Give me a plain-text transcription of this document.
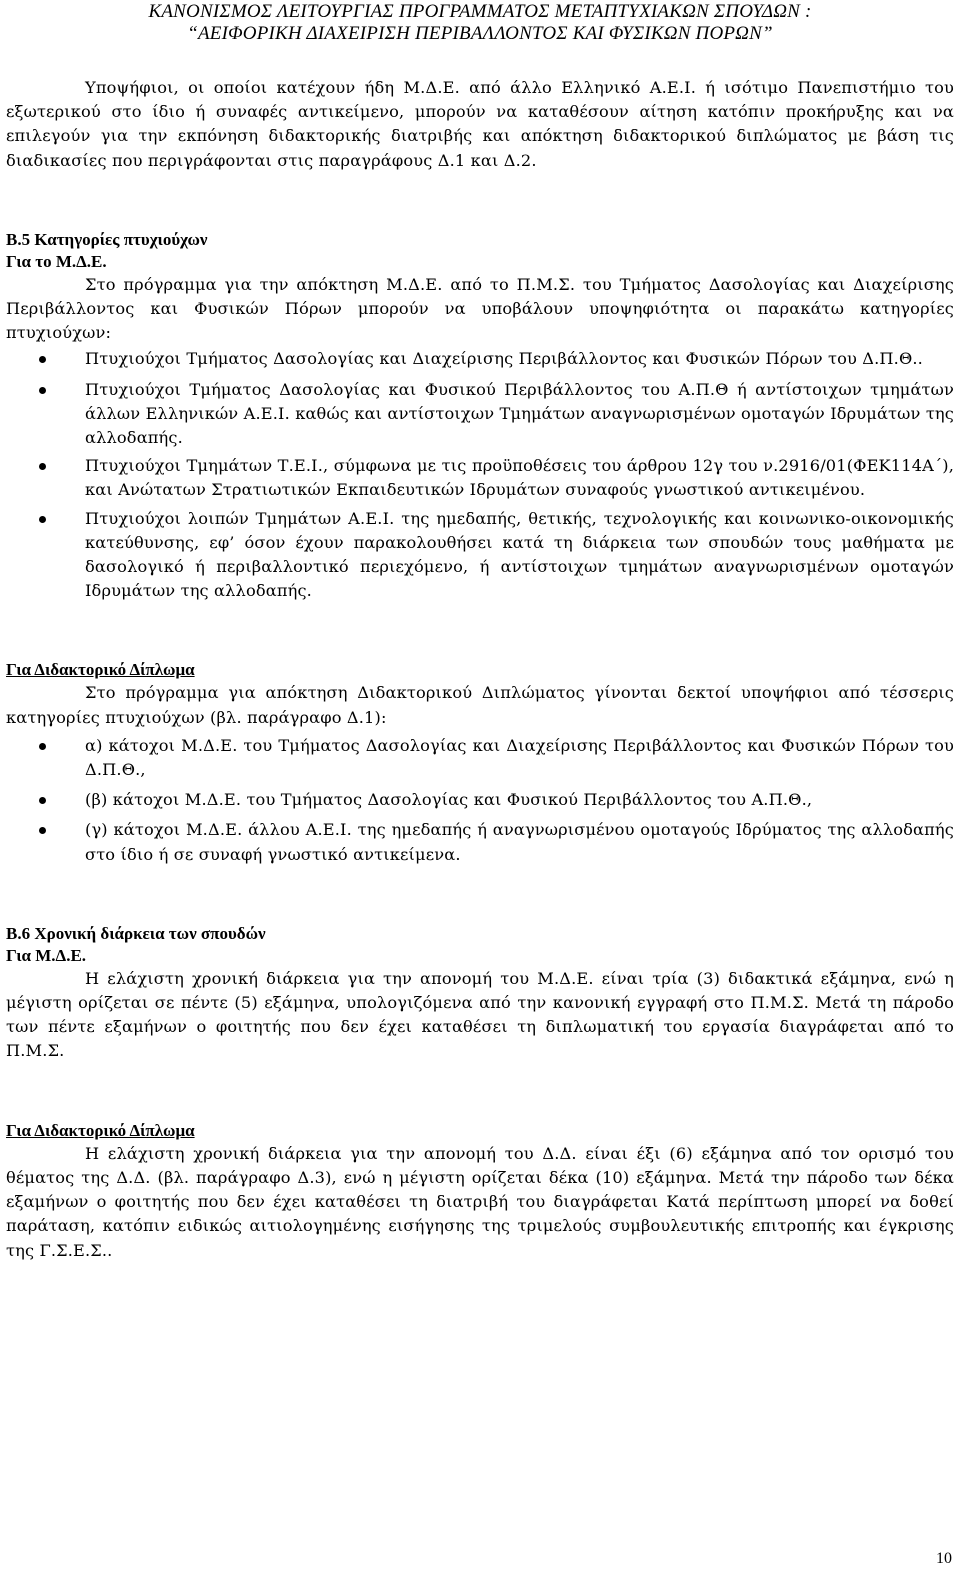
ΚΑΝΟΝΙΣΜΟΣ ΛΕΙΤΟΥΡΓΙΑΣ ΠΡΟΓΡΑΜΜΑΤΟΣ ΜΕΤΑΠΤΥΧΙΑΚΩΝ ΣΠΟΥΔΩΝ :
“ΑΕΙΦΟΡΙΚΗ ΔΙΑΧΕΙΡΙΣΗ ΠΕΡΙΒΑΛΛΟΝΤΟΣ ΚΑΙ ΦΥΣΙΚΩΝ ΠΟΡΩΝ”

Υποψήφιοι, οι οποίοι κατέχουν ήδη Μ.Δ.Ε. από άλλο Ελληνικό Α.Ε.Ι. ή ισότιμο Πανεπιστήμιο του εξωτερικού στο ίδιο ή συναφές αντικείμενο, μπορούν να καταθέσουν αίτηση κατόπιν προκήρυξης και να επιλεγούν για την εκπόνηση διδακτορικής διατριβής και απόκτηση διδακτορικού διπλώματος με βάση τις διαδικασίες που περιγράφονται στις παραγράφους Δ.1 και Δ.2.

Β.5 Κατηγορίες πτυχιούχων

Για το Μ.Δ.Ε.

Στο πρόγραμμα για την απόκτηση Μ.Δ.Ε. από το Π.Μ.Σ. του Τμήματος Δασολογίας και Διαχείρισης Περιβάλλοντος και Φυσικών Πόρων μπορούν να υποβάλουν υποψηφιότητα οι παρακάτω κατηγορίες πτυχιούχων:

Πτυχιούχοι Τμήματος Δασολογίας και Διαχείρισης Περιβάλλοντος και Φυσικών Πόρων του Δ.Π.Θ..

Πτυχιούχοι Τμήματος Δασολογίας και Φυσικού Περιβάλλοντος του Α.Π.Θ ή αντίστοιχων τμημάτων άλλων Ελληνικών Α.Ε.Ι. καθώς και αντίστοιχων Τμημάτων αναγνωρισμένων ομοταγών Ιδρυμάτων της αλλοδαπής.

Πτυχιούχοι Τμημάτων Τ.Ε.Ι., σύμφωνα με τις προϋποθέσεις του άρθρου 12γ του ν.2916/01(ΦΕΚ114Α΄), και Ανώτατων Στρατιωτικών Εκπαιδευτικών Ιδρυμάτων συναφούς γνωστικού αντικειμένου.

Πτυχιούχοι λοιπών Τμημάτων Α.Ε.Ι. της ημεδαπής, θετικής, τεχνολογικής και κοινωνικο-οικονομικής κατεύθυνσης, εφ’ όσον έχουν παρακολουθήσει κατά τη διάρκεια των σπουδών τους μαθήματα με δασολογικό ή περιβαλλοντικό περιεχόμενο, ή αντίστοιχων τμημάτων αναγνωρισμένων ομοταγών Ιδρυμάτων της αλλοδαπής.

Για Διδακτορικό Δίπλωμα

Στο πρόγραμμα για απόκτηση Διδακτορικού Διπλώματος γίνονται δεκτοί υποψήφιοι από τέσσερις κατηγορίες πτυχιούχων (βλ. παράγραφο Δ.1):

α) κάτοχοι Μ.Δ.Ε. του Τμήματος Δασολογίας και Διαχείρισης Περιβάλλοντος και Φυσικών Πόρων του Δ.Π.Θ.,

(β) κάτοχοι Μ.Δ.Ε. του Τμήματος Δασολογίας και Φυσικού Περιβάλλοντος του Α.Π.Θ.,

(γ) κάτοχοι Μ.Δ.Ε. άλλου Α.Ε.Ι. της ημεδαπής ή αναγνωρισμένου ομοταγούς Ιδρύματος της αλλοδαπής στο ίδιο ή σε συναφή γνωστικό αντικείμενα.

Β.6 Χρονική διάρκεια των σπουδών

Για Μ.Δ.Ε.

Η ελάχιστη χρονική διάρκεια για την απονομή του Μ.Δ.Ε. είναι τρία (3) διδακτικά εξάμηνα, ενώ η μέγιστη ορίζεται σε πέντε (5) εξάμηνα, υπολογιζόμενα από την κανονική εγγραφή στο Π.Μ.Σ. Μετά τη πάροδο των πέντε εξαμήνων ο φοιτητής που δεν έχει καταθέσει τη διπλωματική του εργασία διαγράφεται από το Π.Μ.Σ.

Για Διδακτορικό Δίπλωμα

Η ελάχιστη χρονική διάρκεια για την απονομή του Δ.Δ. είναι έξι (6) εξάμηνα από τον ορισμό του θέματος της Δ.Δ. (βλ. παράγραφο Δ.3), ενώ η μέγιστη ορίζεται δέκα (10) εξάμηνα. Μετά την πάροδο των δέκα εξαμήνων ο φοιτητής που δεν έχει καταθέσει τη διατριβή του διαγράφεται Κατά περίπτωση μπορεί να δοθεί παράταση, κατόπιν ειδικώς αιτιολογημένης εισήγησης της τριμελούς συμβουλευτικής επιτροπής και έγκρισης της Γ.Σ.Ε.Σ..

10
